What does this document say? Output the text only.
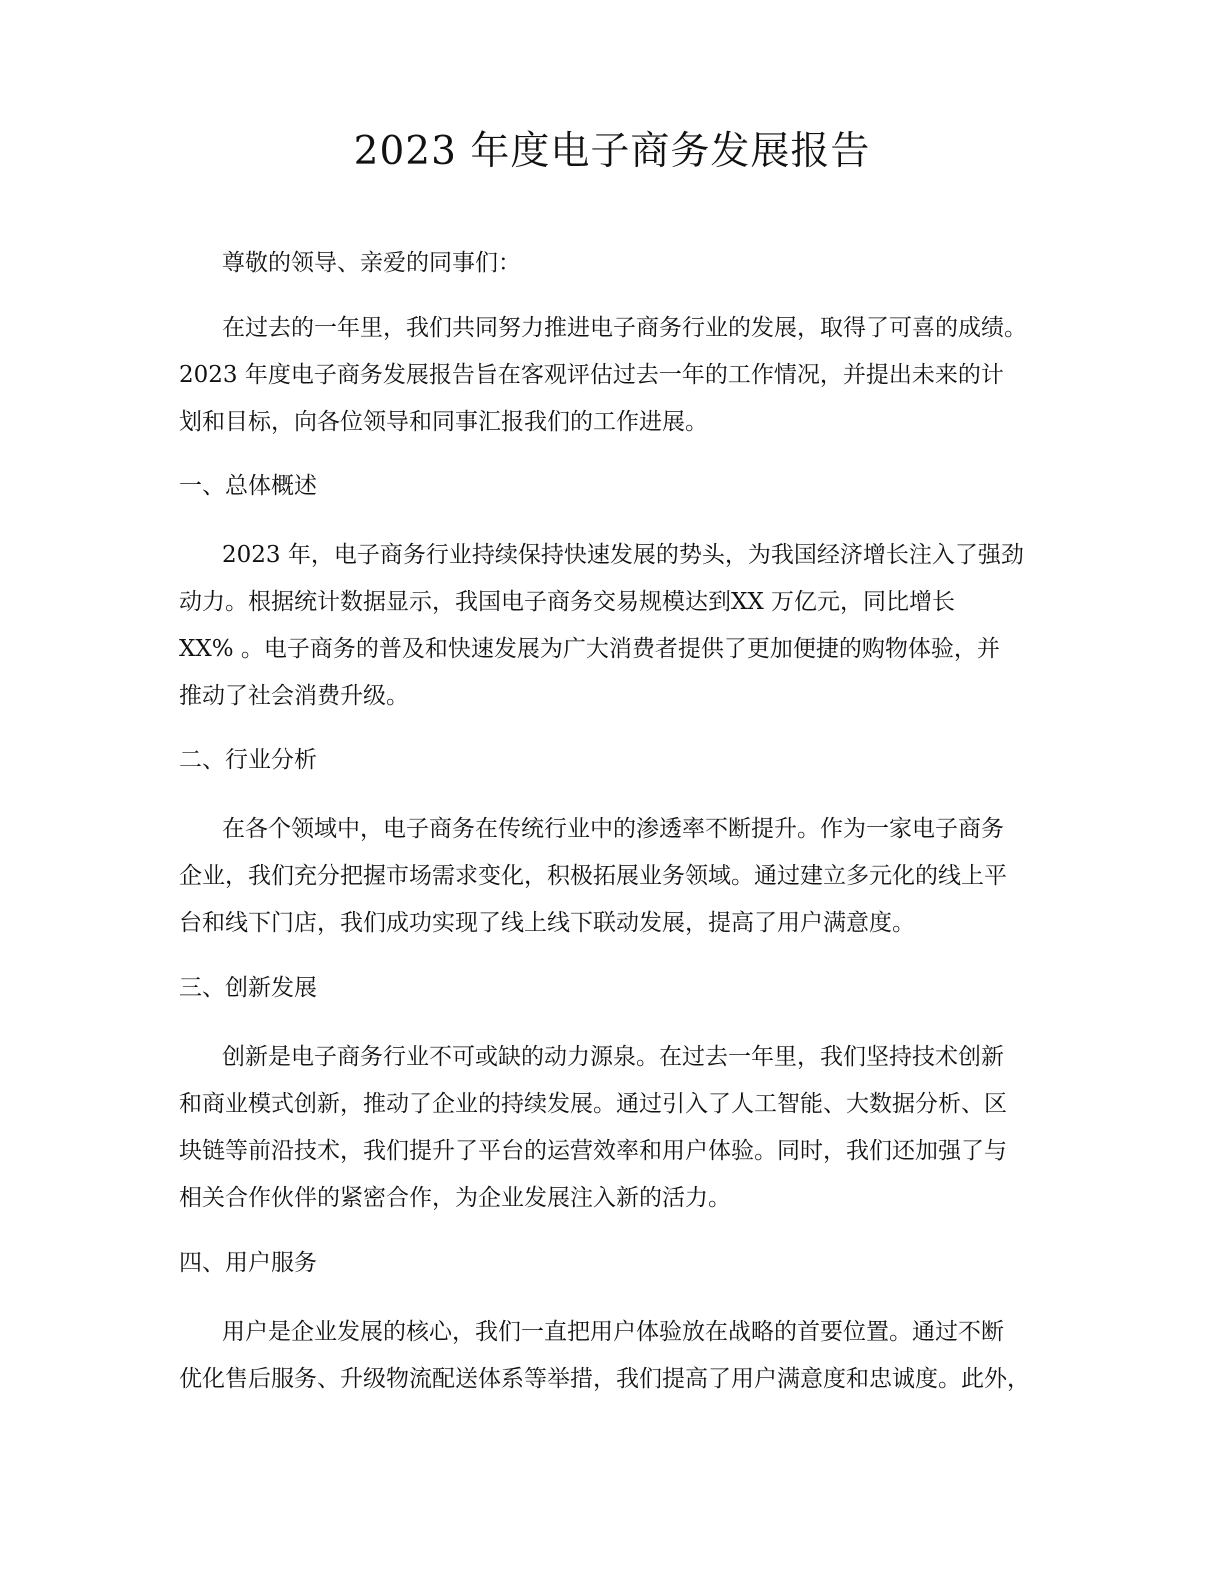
2023 年度电子商务发展报告

尊敬的领导、亲爱的同事们：

在过去的一年里，我们共同努力推进电子商务行业的发展，取得了可喜的成绩。

2023 年度电子商务发展报告旨在客观评估过去一年的工作情况，并提出未来的计

划和目标，向各位领导和同事汇报我们的工作进展。

一、总体概述

2023 年，电子商务行业持续保持快速发展的势头，为我国经济增长注入了强劲

动力。根据统计数据显示，我国电子商务交易规模达到XX 万亿元，同比增长

XX% 。电子商务的普及和快速发展为广大消费者提供了更加便捷的购物体验，并

推动了社会消费升级。

二、行业分析

在各个领域中，电子商务在传统行业中的渗透率不断提升。作为一家电子商务

企业，我们充分把握市场需求变化，积极拓展业务领域。通过建立多元化的线上平

台和线下门店，我们成功实现了线上线下联动发展，提高了用户满意度。

三、创新发展

创新是电子商务行业不可或缺的动力源泉。在过去一年里，我们坚持技术创新

和商业模式创新，推动了企业的持续发展。通过引入了人工智能、大数据分析、区

块链等前沿技术，我们提升了平台的运营效率和用户体验。同时，我们还加强了与

相关合作伙伴的紧密合作，为企业发展注入新的活力。

四、用户服务

用户是企业发展的核心，我们一直把用户体验放在战略的首要位置。通过不断

优化售后服务、升级物流配送体系等举措，我们提高了用户满意度和忠诚度。此外，
